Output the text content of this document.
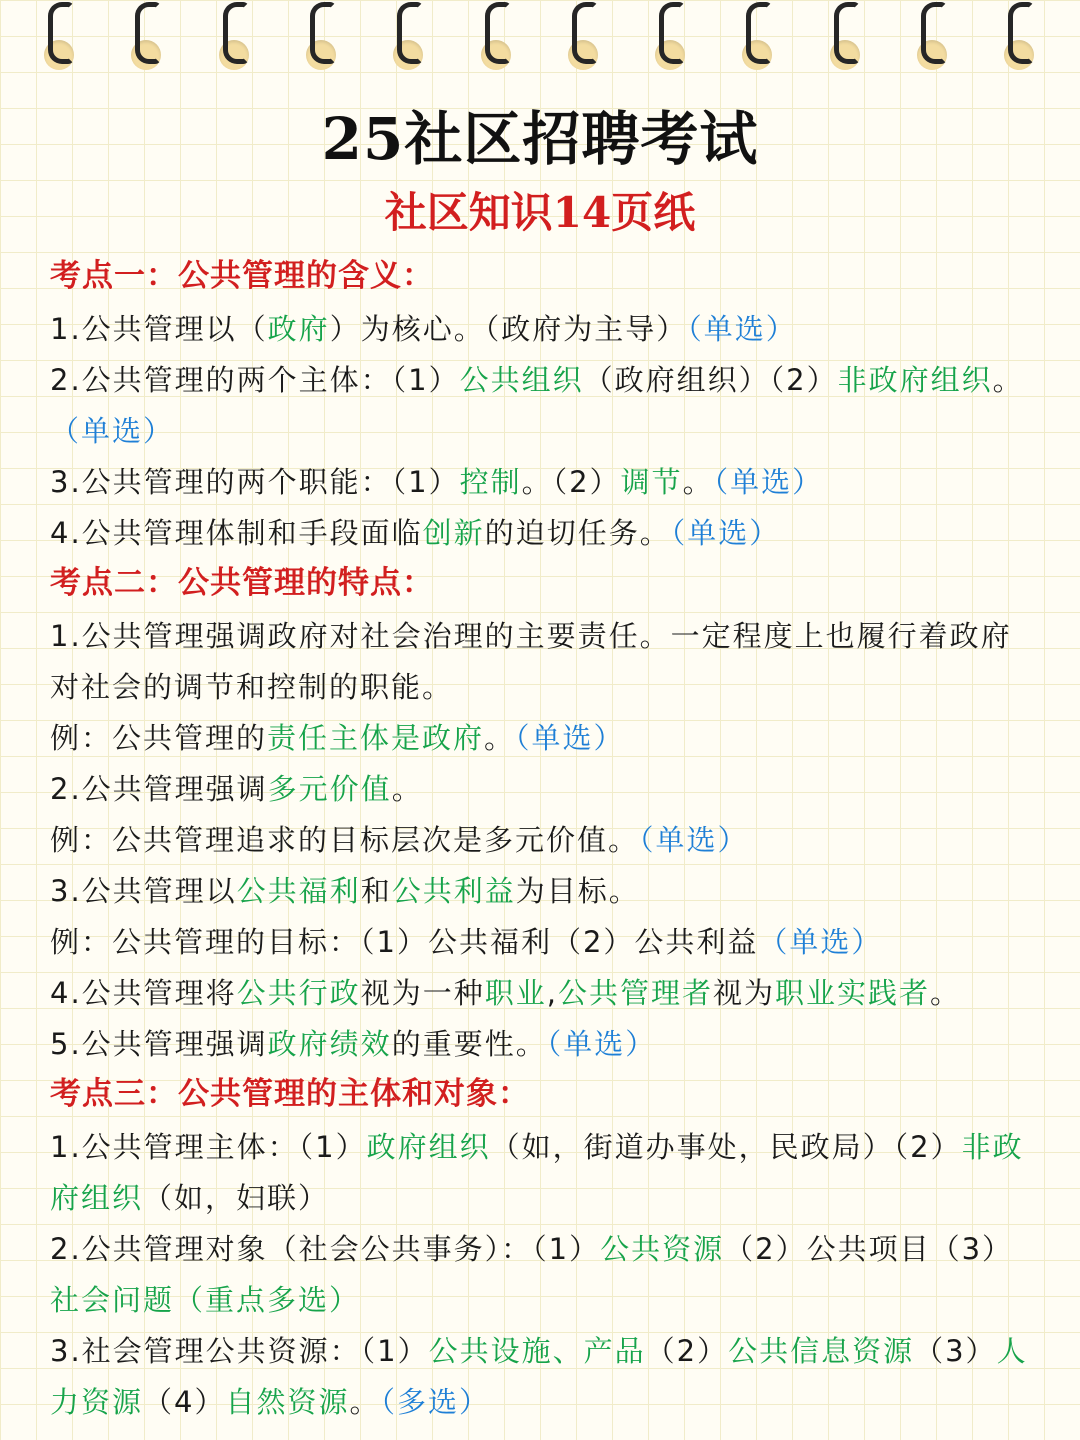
25社区招聘考试
社区知识14页纸
考点一：公共管理的含义：
1.公共管理以（政府）为核心。（政府为主导）（单选）
2.公共管理的两个主体：（1）公共组织（政府组织）（2）非政府组织。（单选）
3.公共管理的两个职能：（1）控制。（2）调节。（单选）
4.公共管理体制和手段面临创新的迫切任务。（单选）
考点二：公共管理的特点：
1.公共管理强调政府对社会治理的主要责任。一定程度上也履行着政府对社会的调节和控制的职能。
例：公共管理的责任主体是政府。（单选）
2.公共管理强调多元价值。
例：公共管理追求的目标层次是多元价值。（单选）
3.公共管理以公共福利和公共利益为目标。
例：公共管理的目标：（1）公共福利（2）公共利益（单选）
4.公共管理将公共行政视为一种职业,公共管理者视为职业实践者。
5.公共管理强调政府绩效的重要性。（单选）
考点三：公共管理的主体和对象：
1.公共管理主体：（1）政府组织（如，街道办事处，民政局）（2）非政府组织（如，妇联）
2.公共管理对象（社会公共事务）：（1）公共资源（2）公共项目（3）社会问题（重点多选）
3.社会管理公共资源：（1）公共设施、产品（2）公共信息资源（3）人力资源（4）自然资源。（多选）
